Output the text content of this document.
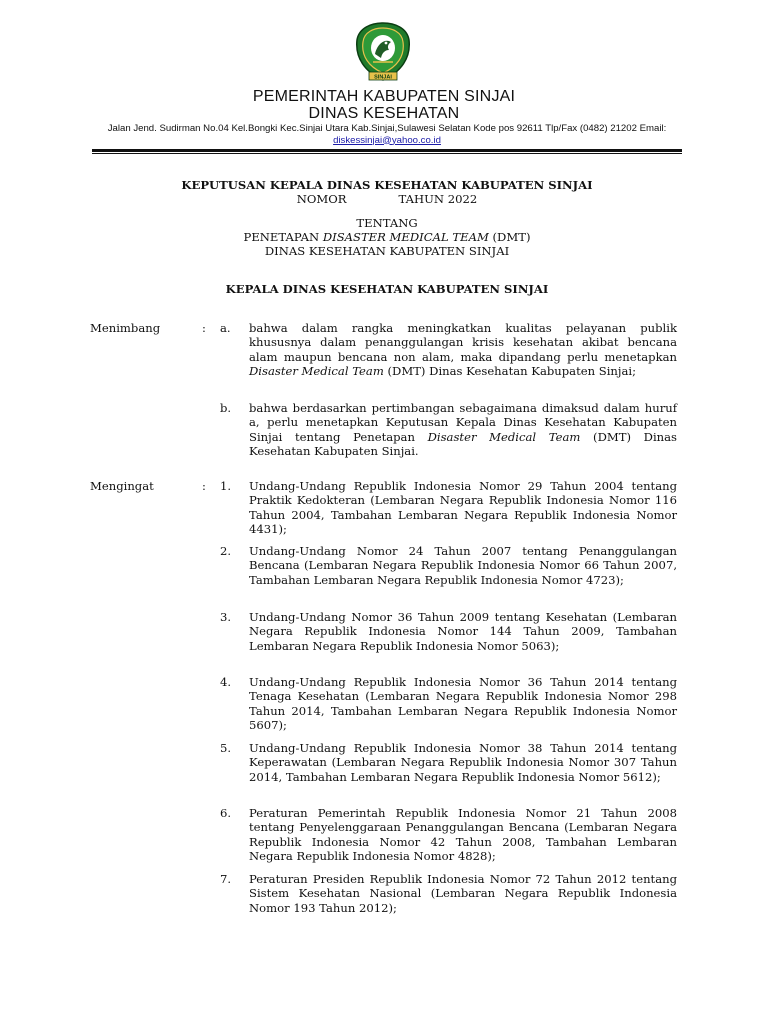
SINJAI
PEMERINTAH KABUPATEN SINJAI
DINAS KESEHATAN
Jalan Jend. Sudirman No.04 Kel.Bongki Kec.Sinjai Utara Kab.Sinjai,Sulawesi Selatan Kode pos 92611 Tlp/Fax (0482) 21202 Email: diskessinjai@yahoo.co.id
KEPUTUSAN KEPALA DINAS KESEHATAN KABUPATEN SINJAI
NOMOR	TAHUN 2022
TENTANG
PENETAPAN DISASTER MEDICAL TEAM (DMT)
DINAS KESEHATAN KABUPATEN SINJAI
KEPALA DINAS KESEHATAN KABUPATEN SINJAI
Menimbang	: a.	bahwa dalam rangka meningkatkan kualitas pelayanan publik khususnya dalam penanggulangan krisis kesehatan akibat bencana alam maupun bencana non alam, maka dipandang perlu menetapkan Disaster Medical Team (DMT) Dinas Kesehatan Kabupaten Sinjai;
b.	bahwa berdasarkan pertimbangan sebagaimana dimaksud dalam huruf a, perlu menetapkan Keputusan Kepala Dinas Kesehatan Kabupaten Sinjai tentang Penetapan Disaster Medical Team (DMT) Dinas Kesehatan Kabupaten Sinjai.
Mengingat	: 1.	Undang-Undang Republik Indonesia Nomor 29 Tahun 2004 tentang Praktik Kedokteran (Lembaran Negara Republik Indonesia Nomor 116 Tahun 2004, Tambahan Lembaran Negara Republik Indonesia Nomor 4431);
2.	Undang-Undang Nomor 24 Tahun 2007 tentang Penanggulangan Bencana (Lembaran Negara Republik Indonesia Nomor 66 Tahun 2007, Tambahan Lembaran Negara Republik Indonesia Nomor 4723);
3.	Undang-Undang Nomor 36 Tahun 2009 tentang Kesehatan (Lembaran Negara Republik Indonesia Nomor 144 Tahun 2009, Tambahan Lembaran Negara Republik Indonesia Nomor 5063);
4.	Undang-Undang Republik Indonesia Nomor 36 Tahun 2014 tentang Tenaga Kesehatan (Lembaran Negara Republik Indonesia Nomor 298 Tahun 2014, Tambahan Lembaran Negara Republik Indonesia Nomor 5607);
5.	Undang-Undang Republik Indonesia Nomor 38 Tahun 2014 tentang Keperawatan (Lembaran Negara Republik Indonesia Nomor 307 Tahun 2014, Tambahan Lembaran Negara Republik Indonesia Nomor 5612);
6.	Peraturan Pemerintah Republik Indonesia Nomor 21 Tahun 2008 tentang Penyelenggaraan Penanggulangan Bencana (Lembaran Negara Republik Indonesia Nomor 42 Tahun 2008, Tambahan Lembaran Negara Republik Indonesia Nomor 4828);
7.	Peraturan Presiden Republik Indonesia Nomor 72 Tahun 2012 tentang Sistem Kesehatan Nasional (Lembaran Negara Republik Indonesia Nomor 193 Tahun 2012);
